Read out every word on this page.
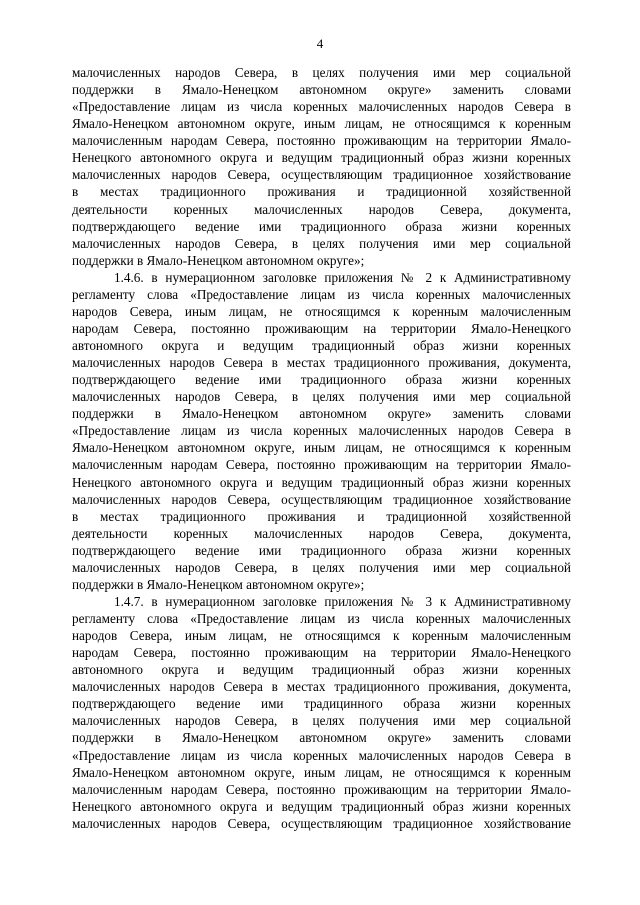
4
малочисленных народов Севера, в целях получения ими мер социальной
поддержки в Ямало-Ненецком автономном округе» заменить словами
«Предоставление лицам из числа коренных малочисленных народов Севера в
Ямало-Ненецком автономном округе, иным лицам, не относящимся к коренным
малочисленным народам Севера, постоянно проживающим на территории Ямало-
Ненецкого автономного округа и ведущим традиционный образ жизни коренных
малочисленных народов Севера, осуществляющим традиционное хозяйствование
в местах традиционного проживания и традиционной хозяйственной
деятельности коренных малочисленных народов Севера, документа,
подтверждающего ведение ими традиционного образа жизни коренных
малочисленных народов Севера, в целях получения ими мер социальной
поддержки в Ямало-Ненецком автономном округе»;
1.4.6. в нумерационном заголовке приложения № 2 к Административному
регламенту слова «Предоставление лицам из числа коренных малочисленных
народов Севера, иным лицам, не относящимся к коренным малочисленным
народам Севера, постоянно проживающим на территории Ямало-Ненецкого
автономного округа и ведущим традиционный образ жизни коренных
малочисленных народов Севера в местах традиционного проживания, документа,
подтверждающего ведение ими традиционного образа жизни коренных
малочисленных народов Севера, в целях получения ими мер социальной
поддержки в Ямало-Ненецком автономном округе» заменить словами
«Предоставление лицам из числа коренных малочисленных народов Севера в
Ямало-Ненецком автономном округе, иным лицам, не относящимся к коренным
малочисленным народам Севера, постоянно проживающим на территории Ямало-
Ненецкого автономного округа и ведущим традиционный образ жизни коренных
малочисленных народов Севера, осуществляющим традиционное хозяйствование
в местах традиционного проживания и традиционной хозяйственной
деятельности коренных малочисленных народов Севера, документа,
подтверждающего ведение ими традиционного образа жизни коренных
малочисленных народов Севера, в целях получения ими мер социальной
поддержки в Ямало-Ненецком автономном округе»;
1.4.7. в нумерационном заголовке приложения № 3 к Административному
регламенту слова «Предоставление лицам из числа коренных малочисленных
народов Севера, иным лицам, не относящимся к коренным малочисленным
народам Севера, постоянно проживающим на территории Ямало-Ненецкого
автономного округа и ведущим традиционный образ жизни коренных
малочисленных народов Севера в местах традиционного проживания, документа,
подтверждающего ведение ими традицинного образа жизни коренных
малочисленных народов Севера, в целях получения ими мер социальной
поддержки в Ямало-Ненецком автономном округе» заменить словами
«Предоставление лицам из числа коренных малочисленных народов Севера в
Ямало-Ненецком автономном округе, иным лицам, не относящимся к коренным
малочисленным народам Севера, постоянно проживающим на территории Ямало-
Ненецкого автономного округа и ведущим традиционный образ жизни коренных
малочисленных народов Севера, осуществляющим традиционное хозяйствование
